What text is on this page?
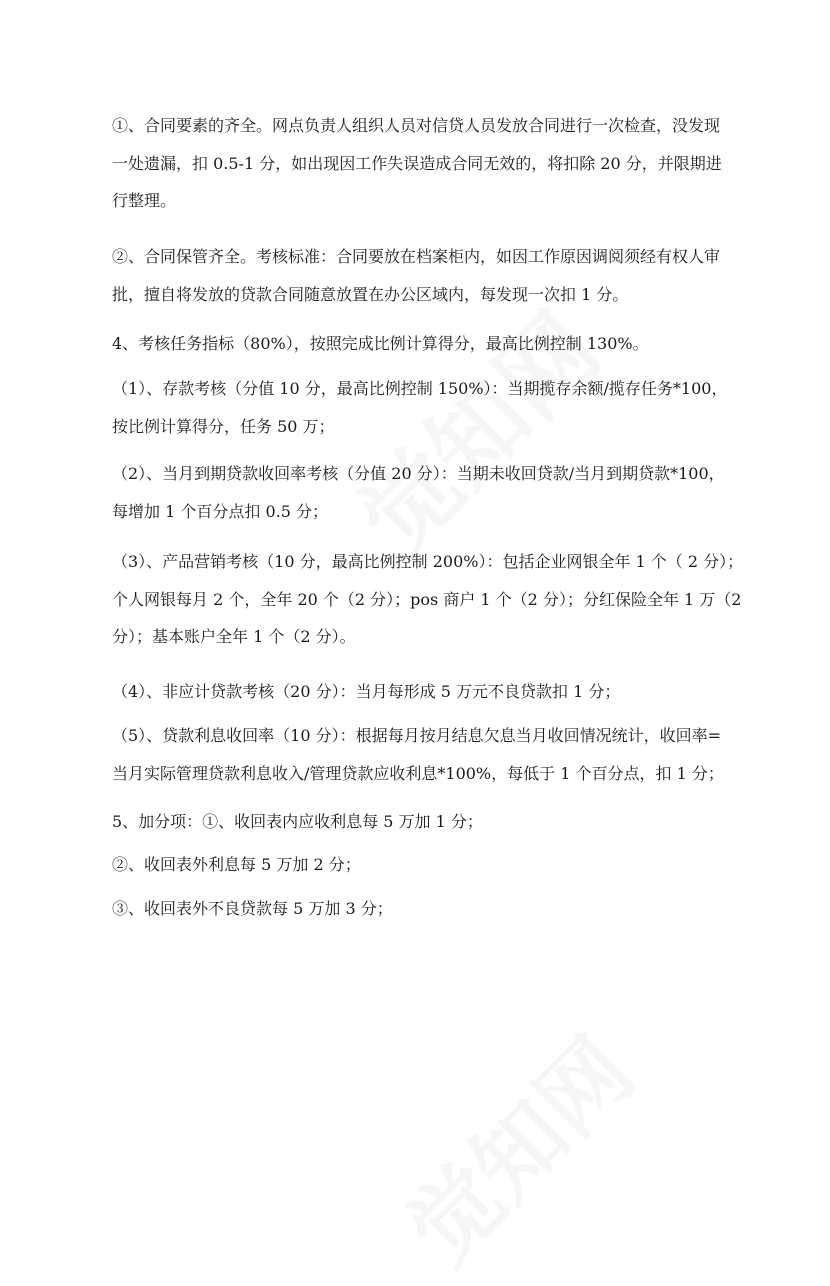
①、合同要素的齐全。网点负责人组织人员对信贷人员发放合同进行一次检查，没发现
一处遗漏，扣 0.5-1 分，如出现因工作失误造成合同无效的，将扣除 20 分，并限期进
行整理。
②、合同保管齐全。考核标准：合同要放在档案柜内，如因工作原因调阅须经有权人审
批，擅自将发放的贷款合同随意放置在办公区域内，每发现一次扣 1 分。
4、考核任务指标（80%），按照完成比例计算得分，最高比例控制 130%。
（1）、存款考核（分值 10 分，最高比例控制 150%）：当期揽存余额/揽存任务*100，
按比例计算得分，任务 50 万；
（2）、当月到期贷款收回率考核（分值 20 分）：当期未收回贷款/当月到期贷款*100，
每增加 1 个百分点扣 0.5 分；
（3）、产品营销考核（10 分，最高比例控制 200%）：包括企业网银全年 1 个（ 2 分）；
个人网银每月 2 个，全年 20 个（2 分）；pos 商户 1 个（2 分）；分红保险全年 1 万（2
分）；基本账户全年 1 个（2 分）。
（4）、非应计贷款考核（20 分）：当月每形成 5 万元不良贷款扣 1 分；
（5）、贷款利息收回率（10 分）：根据每月按月结息欠息当月收回情况统计，收回率=
当月实际管理贷款利息收入/管理贷款应收利息*100%，每低于 1 个百分点，扣 1 分；
5、加分项：①、收回表内应收利息每 5 万加 1 分；
②、收回表外利息每 5 万加 2 分；
③、收回表外不良贷款每 5 万加 3 分；
